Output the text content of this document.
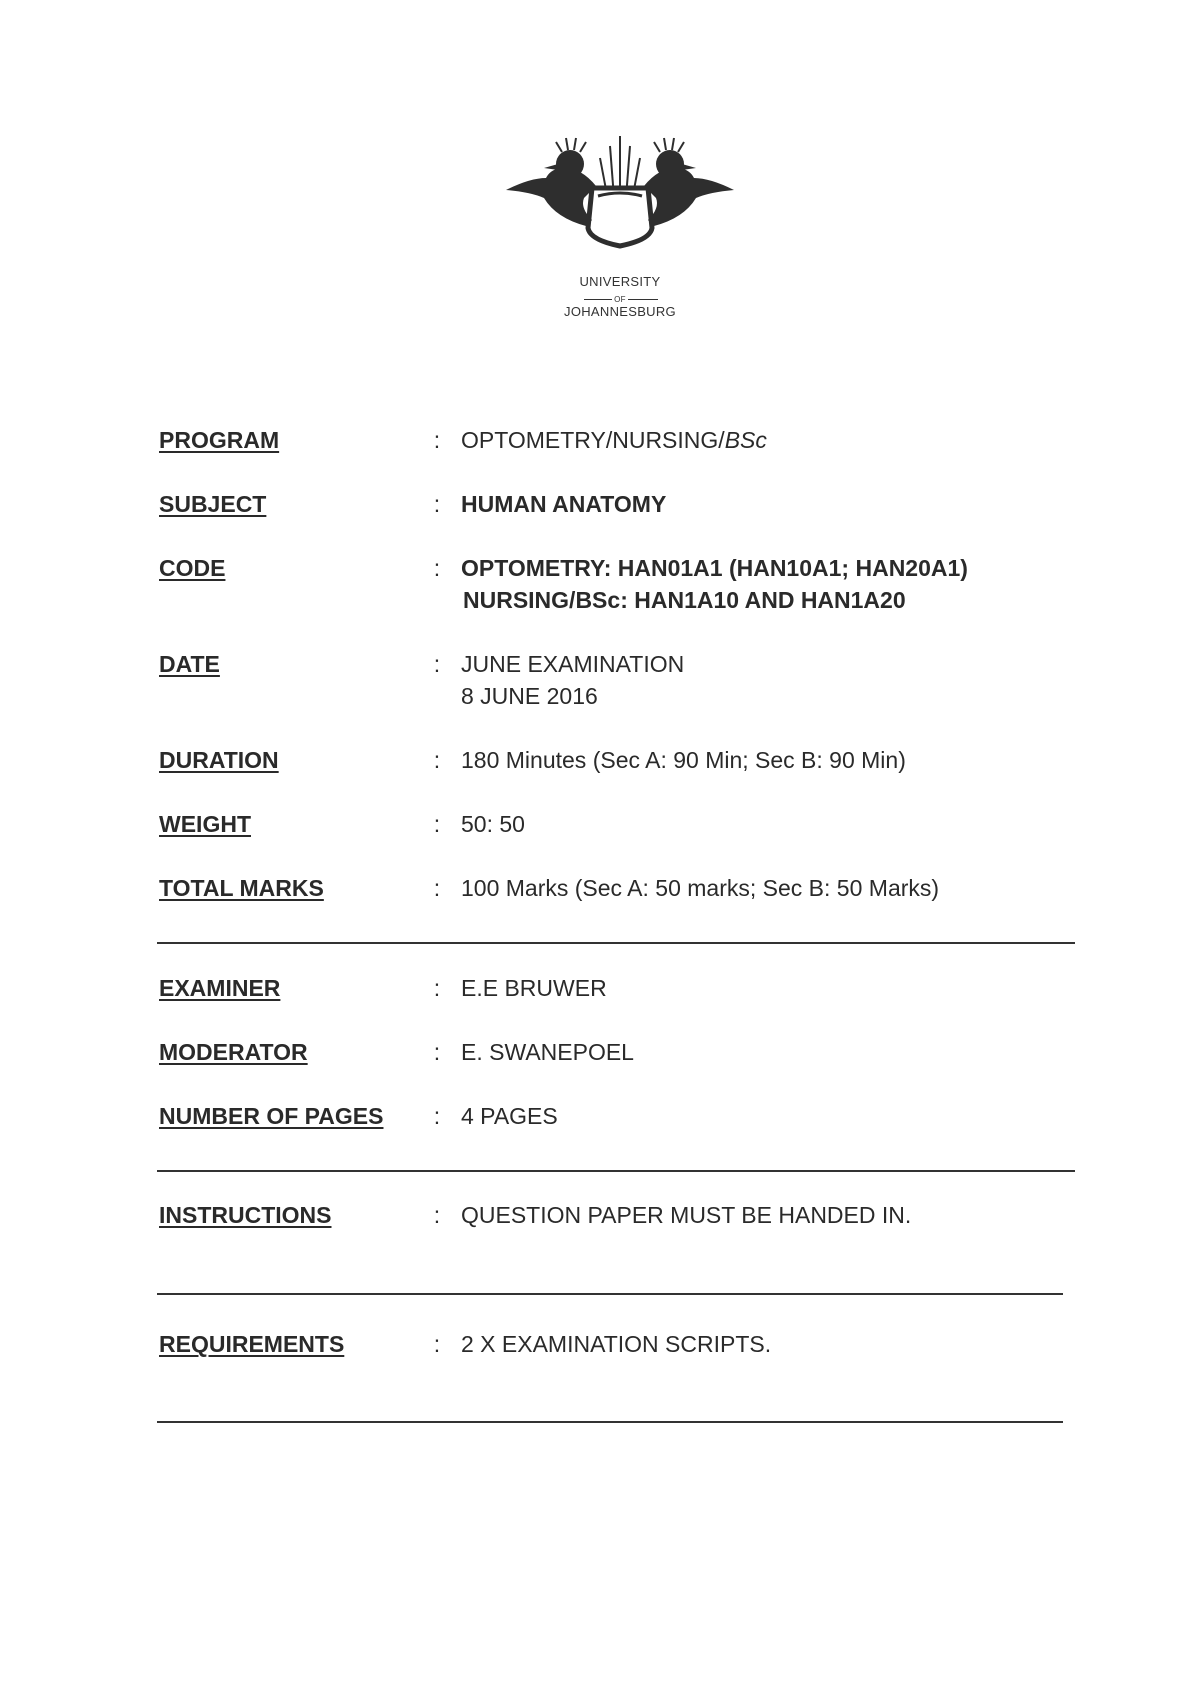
UNIVERSITY
OF
JOHANNESBURG
PROGRAM	: OPTOMETRY/NURSING/BSc
SUBJECT	: HUMAN ANATOMY
CODE	: OPTOMETRY: HAN01A1 (HAN10A1; HAN20A1)
NURSING/BSc: HAN1A10 AND HAN1A20
DATE	: JUNE EXAMINATION
8 JUNE 2016
DURATION	: 180 Minutes (Sec A: 90 Min; Sec B: 90 Min)
WEIGHT	: 50: 50
TOTAL MARKS	: 100 Marks (Sec A: 50 marks; Sec B: 50 Marks)
EXAMINER	: E.E BRUWER
MODERATOR	: E. SWANEPOEL
NUMBER OF PAGES : 4 PAGES
INSTRUCTIONS	: QUESTION PAPER MUST BE HANDED IN.
REQUIREMENTS	: 2 X EXAMINATION SCRIPTS.
